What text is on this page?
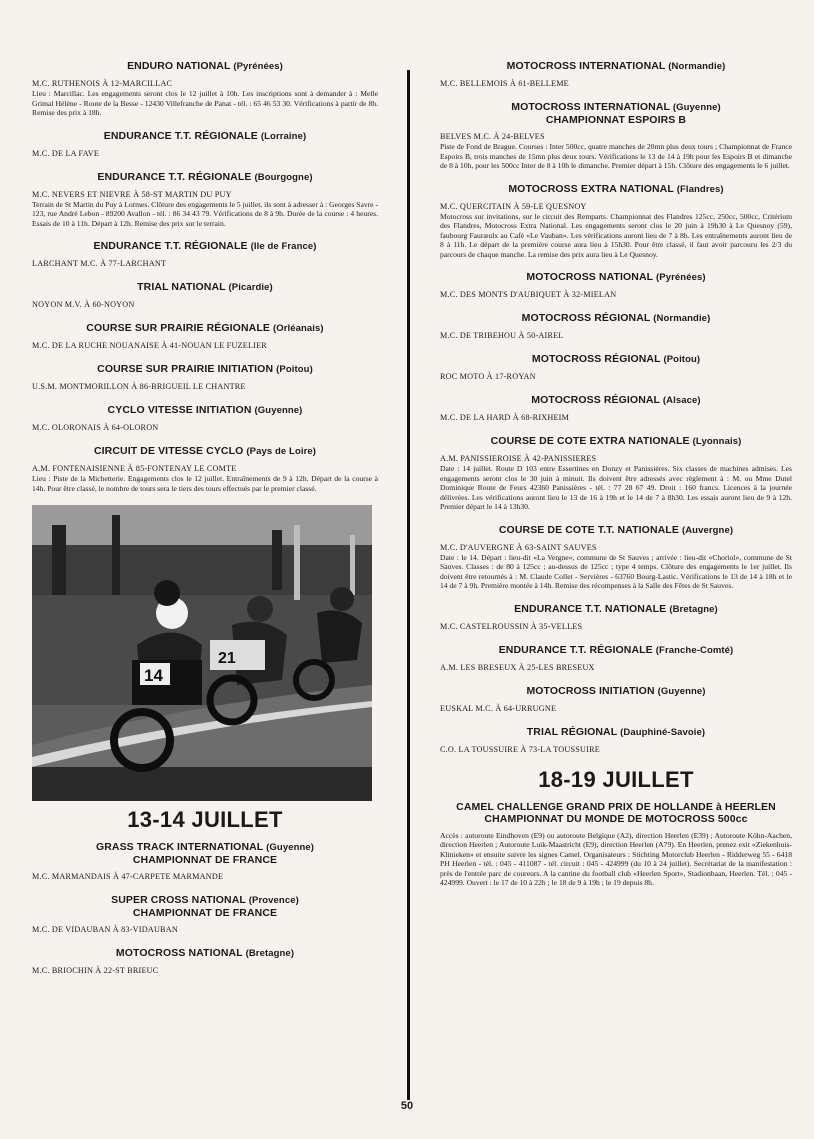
ENDURO NATIONAL (Pyrénées)
M.C. RUTHENOIS À 12-MARCILLAC
Lieu : Marcillac. Les engagements seront clos le 12 juillet à 10h. Les inscriptions sont à demander à : Melle Grimal Hélène - Route de la Besse - 12430 Villefranche de Panat - tél. : 65 46 53 30. Vérifications à partir de 8h. Remise des prix à 18h.
ENDURANCE T.T. RÉGIONALE (Lorraine)
M.C. DE LA FAVE
ENDURANCE T.T. RÉGIONALE (Bourgogne)
M.C. NEVERS ET NIEVRE À 58-ST MARTIN DU PUY
Terrain de St Martin du Puy à Lormes. Clôture des engagements le 5 juillet, ils sont à adresser à : Georges Savre - 123, rue André Lebon - 89200 Avallon - tél. : 86 34 43 79. Vérifications de 8 à 9h. Durée de la course : 4 heures. Essais de 10 à 11h. Départ à 12h. Remise des prix sur le terrain.
ENDURANCE T.T. RÉGIONALE (Ile de France)
LARCHANT M.C. À 77-LARCHANT
TRIAL NATIONAL (Picardie)
NOYON M.V. À 60-NOYON
COURSE SUR PRAIRIE RÉGIONALE (Orléanais)
M.C. DE LA RUCHE NOUANAISE À 41-NOUAN LE FUZELIER
COURSE SUR PRAIRIE INITIATION (Poitou)
U.S.M. MONTMORILLON À 86-BRIGUEIL LE CHANTRE
CYCLO VITESSE INITIATION (Guyenne)
M.C. OLORONAIS À 64-OLORON
CIRCUIT DE VITESSE CYCLO (Pays de Loire)
A.M. FONTENAISIENNE À 85-FONTENAY LE COMTE
Lieu : Piste de la Michetterie. Engagements clos le 12 juillet. Entraînements de 9 à 12h. Départ de la course à 14h. Pour être classé, le nombre de tours sera le tiers des tours effectués par le premier classé.
14
21
13-14 JUILLET
GRASS TRACK INTERNATIONAL (Guyenne)
CHAMPIONNAT DE FRANCE
M.C. MARMANDAIS À 47-CARPETE MARMANDE
SUPER CROSS NATIONAL (Provence)
CHAMPIONNAT DE FRANCE
M.C. DE VIDAUBAN À 83-VIDAUBAN
MOTOCROSS NATIONAL (Bretagne)
M.C. BRIOCHIN À 22-ST BRIEUC
MOTOCROSS INTERNATIONAL (Normandie)
M.C. BELLEMOIS À 61-BELLEME
MOTOCROSS INTERNATIONAL (Guyenne)
CHAMPIONNAT ESPOIRS B
BELVES M.C. À 24-BELVES
Piste de Fond de Brague. Courses : Inter 500cc, quatre manches de 20mn plus deux tours ; Championnat de France Espoirs B, trois manches de 15mn plus deux tours. Vérifications le 13 de 14 à 19h pour les Espoirs B et dimanche de 8 à 10h, pour les 500cc Inter de 8 à 10h le dimanche. Premier départ à 15h. Clôture des engagements le 6 juillet.
MOTOCROSS EXTRA NATIONAL (Flandres)
M.C. QUERCITAIN À 59-LE QUESNOY
Motocross sur invitations, sur le circuit des Remparts. Championnat des Flandres 125cc, 250cc, 500cc, Critérium des Flandres, Motocross Extra National. Les engagements seront clos le 20 juin à 19h30 à Le Quesnoy (59), faubourg Fauræulx au Café «Le Vauban». Les vérifications auront lieu de 7 à 8h. Les entraînements auront lieu de 8 à 11h. Le départ de la première course aura lieu à 15h30. Pour être classé, il faut avoir parcouru les 2/3 du parcours de chaque manche. La remise des prix aura lieu à Le Quesnoy.
MOTOCROSS NATIONAL (Pyrénées)
M.C. DES MONTS D'AUBIQUET À 32-MIELAN
MOTOCROSS RÉGIONAL (Normandie)
M.C. DE TRIBEHOU À 50-AIREL
MOTOCROSS RÉGIONAL (Poitou)
ROC MOTO À 17-ROYAN
MOTOCROSS RÉGIONAL (Alsace)
M.C. DE LA HARD À 68-RIXHEIM
COURSE DE COTE EXTRA NATIONALE (Lyonnais)
A.M. PANISSIEROISE À 42-PANISSIERES
Date : 14 juillet. Route D 103 entre Essertines en Donzy et Panissières. Six classes de machines admises. Les engagements seront clos le 30 juin à minuit. Ils doivent être adressés avec règlement à : M. ou Mme Dutel Dominique Route de Feurs 42360 Panissières - tél. : 77 28 67 49. Droit : 160 francs. Licences à la journée délivrées. Les vérifications auront lieu le 13 de 16 à 19h et le 14 de 7 à 8h30. Les essais auront lieu de 9 à 12h. Premier départ le 14 à 13h30.
COURSE DE COTE T.T. NATIONALE (Auvergne)
M.C. D'AUVERGNE À 63-SAINT SAUVES
Date : le 14. Départ : lieu-dit «La Vergne», commune de St Sauves ; arrivée : lieu-dit «Choriol», commune de St Sauves. Classes : de 80 à 125cc ; au-dessus de 125cc ; type 4 temps. Clôture des engagements le 1er juillet. Ils doivent être retournés à : M. Claude Collet - Servières - 63760 Bourg-Lastic. Vérifications le 13 de 14 à 18h et le 14 de 7 à 9h. Première montée à 14h. Remise des récompenses à la Salle des Fêtes de St Sauves.
ENDURANCE T.T. NATIONALE (Bretagne)
M.C. CASTELROUSSIN À 35-VELLES
ENDURANCE T.T. RÉGIONALE (Franche-Comté)
A.M. LES BRESEUX À 25-LES BRESEUX
MOTOCROSS INITIATION (Guyenne)
EUSKAL M.C. À 64-URRUGNE
TRIAL RÉGIONAL (Dauphiné-Savoie)
C.O. LA TOUSSUIRE À 73-LA TOUSSUIRE
18-19 JUILLET
CAMEL CHALLENGE GRAND PRIX DE HOLLANDE à HEERLEN
CHAMPIONNAT DU MONDE DE MOTOCROSS 500cc
Accès : autoroute Eindhoven (E9) ou autoroute Belgique (A2), direction Heerlen (E39) ; Autoroute Köhn-Aachen, direction Heerlen ; Autoroute Luik-Maastricht (E9), direction Heerlen (A79). En Heerlen, prenez exit «Ziekenhuis-Klinieken» et ensuite suivre les signes Camel. Organisateurs : Stichting Motorclub Heerlen - Ridderweg 55 - 6418 PH Heerlen - tél. : 045 - 411087 - tél. circuit : 045 - 424999 (du 10 à 24 juillet). Secrétariat de la manifestation : près de l'entrée parc de coureurs. A la cantine du football club «Heerlen Sport», Stadionbaan, Heerlen. Tél. : 045 - 424999. Ouvert : le 17 de 10 à 22h ; le 18 de 9 à 19h ; le 19 depuis 8h.
50
